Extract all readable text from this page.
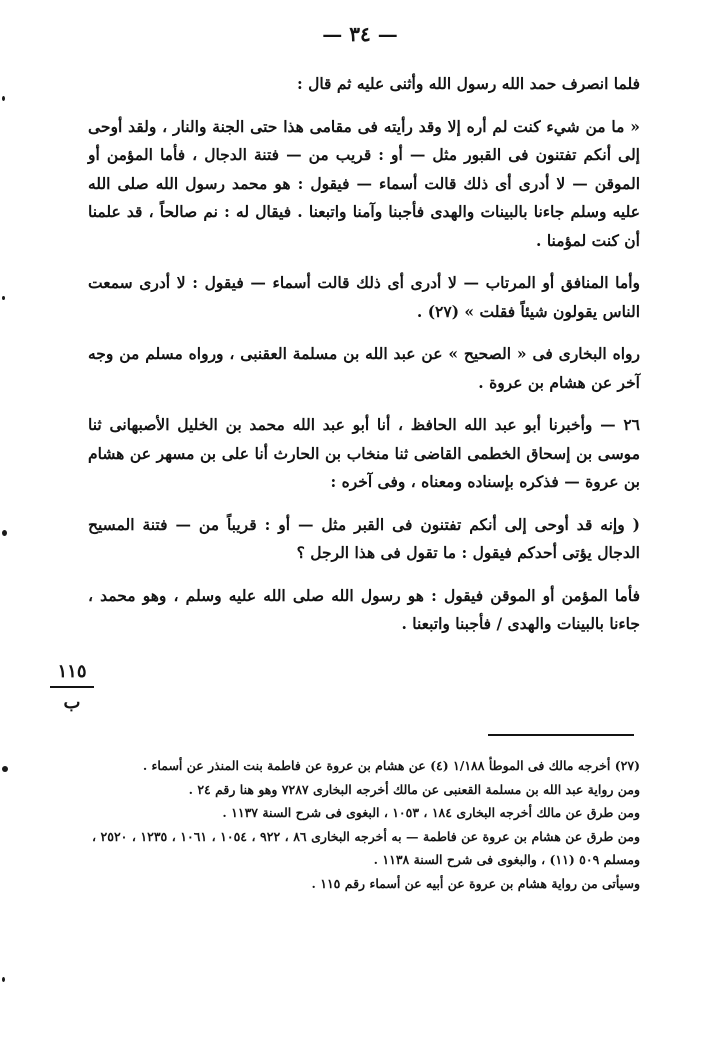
— ٣٤ —

فلما انصرف حمد الله رسول الله وأثنى عليه ثم قال :

« ما من شيء كنت لم أره إلا وقد رأيته فى مقامى هذا حتى الجنة والنار ، ولقد أوحى إلى أنكم تفتنون فى القبور مثل — أو : قريب من — فتنة الدجال ، فأما المؤمن أو الموقن — لا أدرى أى ذلك قالت أسماء — فيقول : هو محمد رسول الله صلى الله عليه وسلم جاءنا بالبينات والهدى فأجبنا وآمنا واتبعنا . فيقال له : نم صالحاً ، قد علمنا أن كنت لمؤمنا .

وأما المنافق أو المرتاب — لا أدرى أى ذلك قالت أسماء — فيقول : لا أدرى سمعت الناس يقولون شيئاً فقلت » (٢٧) .

رواه البخارى فى « الصحيح » عن عبد الله بن مسلمة العقنبى ، ورواه مسلم من وجه آخر عن هشام بن عروة .

٢٦ — وأخبرنا أبو عبد الله الحافظ ، أنا أبو عبد الله محمد بن الخليل الأصبهانى ثنا موسى بن إسحاق الخطمى القاضى ثنا منخاب بن الحارث أنا على بن مسهر عن هشام بن عروة — فذكره بإسناده ومعناه ، وفى آخره :

( وإنه قد أوحى إلى أنكم تفتنون فى القبر مثل — أو : قريباً من — فتنة المسيح الدجال يؤتى أحدكم فيقول : ما تقول فى هذا الرجل ؟

فأما المؤمن أو الموقن فيقول : هو رسول الله صلى الله عليه وسلم ، وهو محمد ، جاءنا بالبينات والهدى / فأجبنا واتبعنا .

١١٥
ب

(٢٧) أخرجه مالك فى الموطأ ١/١٨٨ (٤) عن هشام بن عروة عن فاطمة بنت المنذر عن أسماء .

ومن رواية عبد الله بن مسلمة القعنبى عن مالك أخرجه البخارى ٧٢٨٧ وهو هنا رقم ٢٤ .

ومن طرق عن مالك أخرجه البخارى ١٨٤ ، ١٠٥٣ ، البغوى فى شرح السنة ١١٣٧ .

ومن طرق عن هشام بن عروة عن فاطمة — به أخرجه البخارى ٨٦ ، ٩٢٢ ، ١٠٥٤ ، ١٠٦١ ، ١٢٣٥ ، ٢٥٢٠ ، ومسلم ٥٠٩ (١١) ، والبغوى فى شرح السنة ١١٣٨ .

وسيأتى من رواية هشام بن عروة عن أبيه عن أسماء رقم ١١٥ .
